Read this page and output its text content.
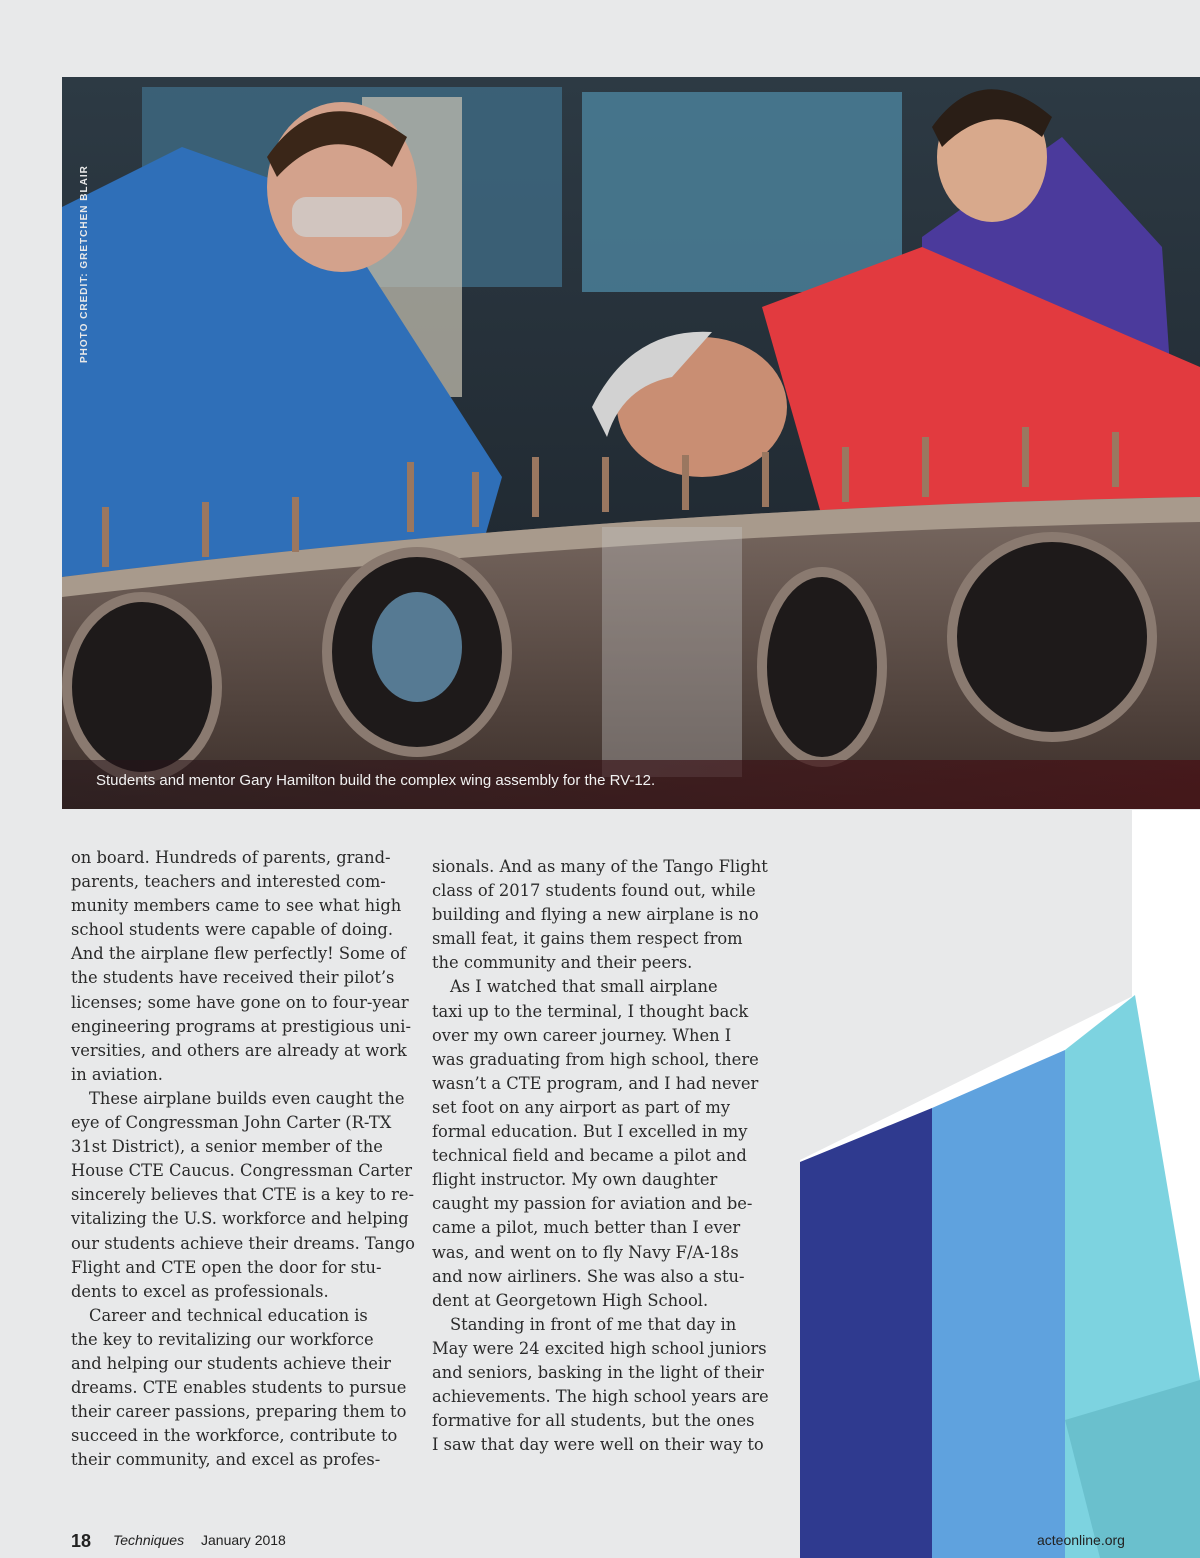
PHOTO CREDIT: GRETCHEN BLAIR
Students and mentor Gary Hamilton build the complex wing assembly for the RV-12.
on board. Hundreds of parents, grand-
parents, teachers and interested com-
munity members came to see what high
school students were capable of doing.
And the airplane flew perfectly! Some of
the students have received their pilot’s
licenses; some have gone on to four-year
engineering programs at prestigious uni-
versities, and others are already at work
in aviation.
These airplane builds even caught the
eye of Congressman John Carter (R-TX
31st District), a senior member of the
House CTE Caucus. Congressman Carter
sincerely believes that CTE is a key to re-
vitalizing the U.S. workforce and helping
our students achieve their dreams. Tango
Flight and CTE open the door for stu-
dents to excel as professionals.
Career and technical education is
the key to revitalizing our workforce
and helping our students achieve their
dreams. CTE enables students to pursue
their career passions, preparing them to
succeed in the workforce, contribute to
their community, and excel as profes-
sionals. And as many of the Tango Flight
class of 2017 students found out, while
building and flying a new airplane is no
small feat, it gains them respect from
the community and their peers.
As I watched that small airplane
taxi up to the terminal, I thought back
over my own career journey. When I
was graduating from high school, there
wasn’t a CTE program, and I had never
set foot on any airport as part of my
formal education. But I excelled in my
technical field and became a pilot and
flight instructor. My own daughter
caught my passion for aviation and be-
came a pilot, much better than I ever
was, and went on to fly Navy F/A-18s
and now airliners. She was also a stu-
dent at Georgetown High School.
Standing in front of me that day in
May were 24 excited high school juniors
and seniors, basking in the light of their
achievements. The high school years are
formative for all students, but the ones
I saw that day were well on their way to
18 Techniques January 2018	acteonline.org
